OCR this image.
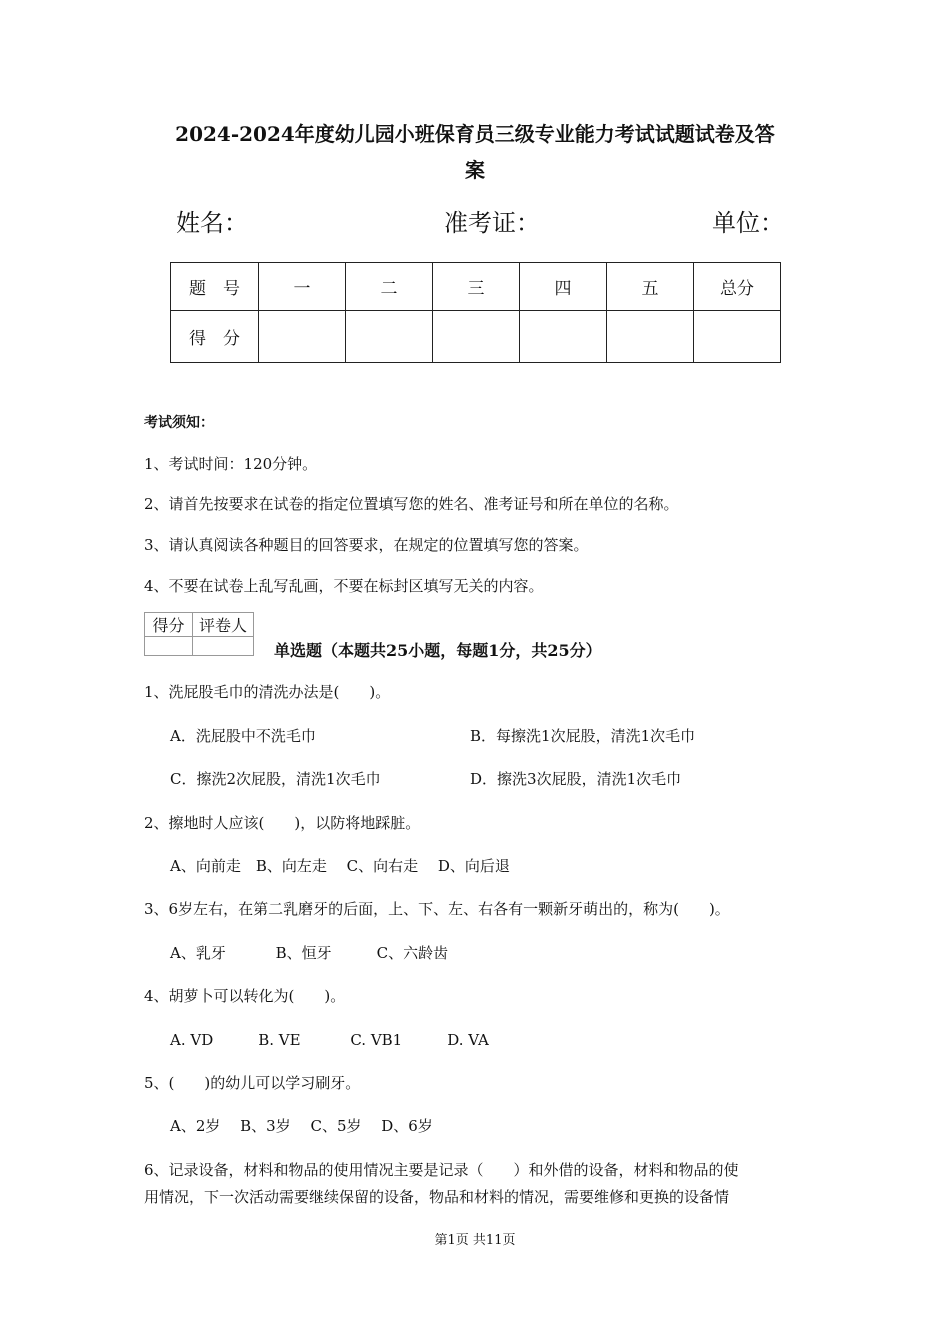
2024-2024年度幼儿园小班保育员三级专业能力考试试题试卷及答
案
姓名：	准考证：	单位：
题　号	一	二	三	四	五	总分
得　分						
考试须知：
1、考试时间：120分钟。
2、请首先按要求在试卷的指定位置填写您的姓名、准考证号和所在单位的名称。
3、请认真阅读各种题目的回答要求，在规定的位置填写您的答案。
4、不要在试卷上乱写乱画，不要在标封区填写无关的内容。
得分	评卷人

单选题（本题共25小题，每题1分，共25分）
1、洗屁股毛巾的清洗办法是(　　)。
A．洗屁股中不洗毛巾	B．每擦洗1次屁股，清洗1次毛巾
C．擦洗2次屁股，清洗1次毛巾	D．擦洗3次屁股，清洗1次毛巾
2、擦地时人应该(　　)，以防将地踩脏。
A、向前走　B、向左走　 C、向右走　 D、向后退
3、6岁左右，在第二乳磨牙的后面，上、下、左、右各有一颗新牙萌出的，称为(　　)。
A、乳牙　　　 B、恒牙　　　C、六龄齿
4、胡萝卜可以转化为(　　)。
A. VD　　　B. VE　　　 C. VB1　　　D. VA
5、(　　)的幼儿可以学习刷牙。
A、2岁　 B、3岁　 C、5岁　 D、6岁
6、记录设备，材料和物品的使用情况主要是记录（　　）和外借的设备，材料和物品的使
用情况，下一次活动需要继续保留的设备，物品和材料的情况，需要维修和更换的设备情
第1页 共11页
